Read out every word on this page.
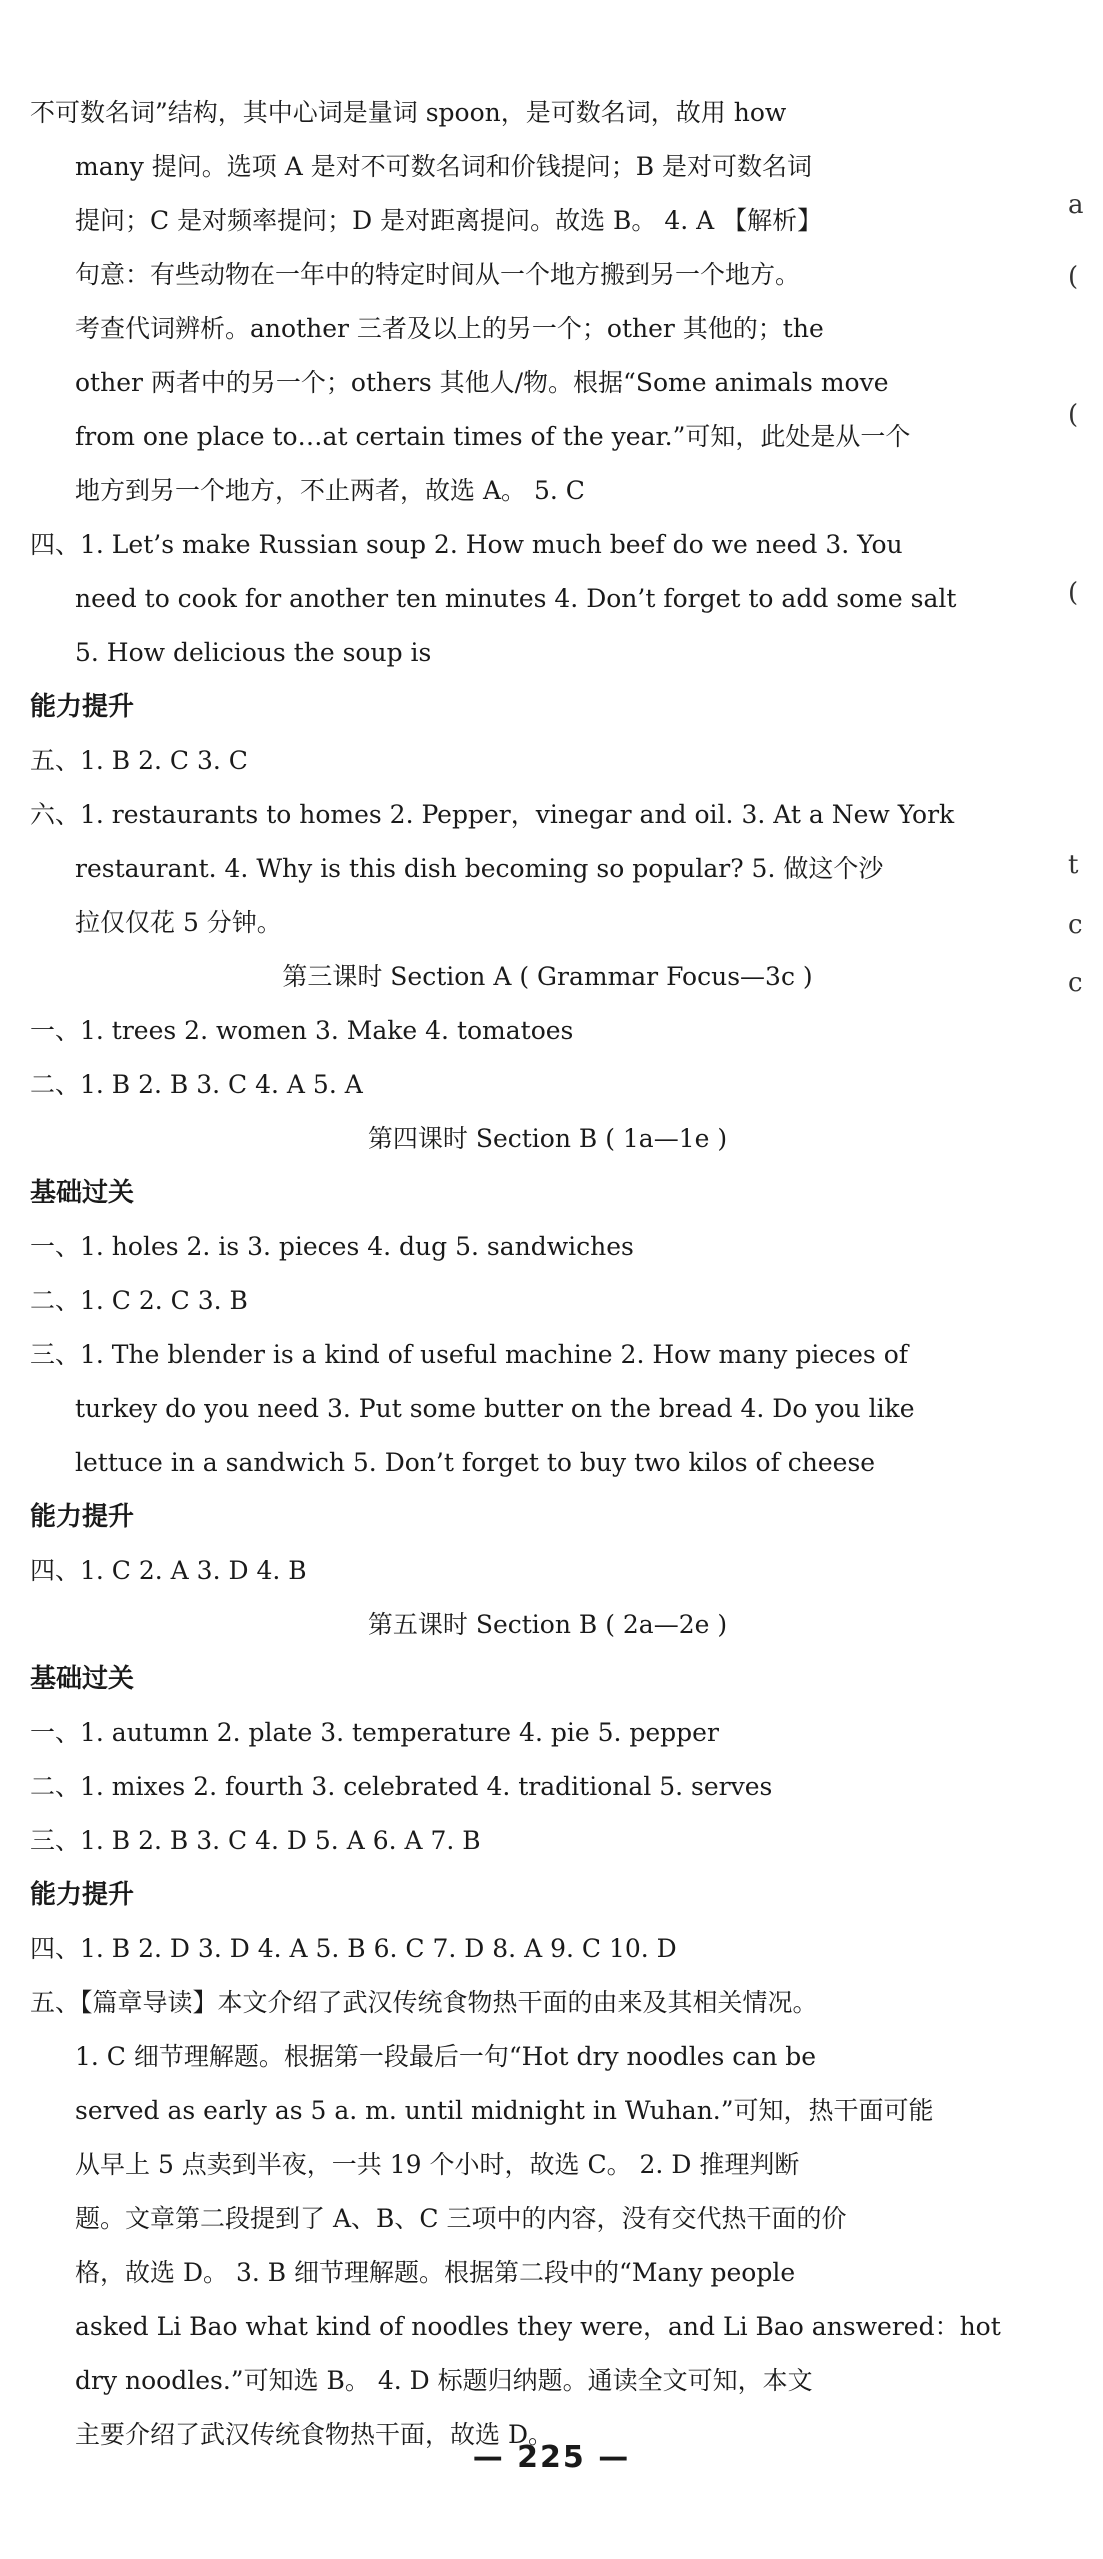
不可数名词”结构，其中心词是量词 spoon，是可数名词，故用 how
many 提问。选项 A 是对不可数名词和价钱提问；B 是对可数名词
提问；C 是对频率提问；D 是对距离提问。故选 B。 4. A 【解析】
句意：有些动物在一年中的特定时间从一个地方搬到另一个地方。
考查代词辨析。another 三者及以上的另一个；other 其他的；the
other 两者中的另一个；others 其他人/物。根据“Some animals move
from one place to…at certain times of the year.”可知，此处是从一个
地方到另一个地方，不止两者，故选 A。 5. C
四、1. Let’s make Russian soup 2. How much beef do we need 3. You
need to cook for another ten minutes 4. Don’t forget to add some salt
5. How delicious the soup is
能力提升
五、1. B 2. C 3. C
六、1. restaurants to homes 2. Pepper，vinegar and oil. 3. At a New York
restaurant. 4. Why is this dish becoming so popular? 5. 做这个沙
拉仅仅花 5 分钟。
第三课时 Section A ( Grammar Focus—3c )
一、1. trees 2. women 3. Make 4. tomatoes
二、1. B 2. B 3. C 4. A 5. A
第四课时 Section B ( 1a—1e )
基础过关
一、1. holes 2. is 3. pieces 4. dug 5. sandwiches
二、1. C 2. C 3. B
三、1. The blender is a kind of useful machine 2. How many pieces of
turkey do you need 3. Put some butter on the bread 4. Do you like
lettuce in a sandwich 5. Don’t forget to buy two kilos of cheese
能力提升
四、1. C 2. A 3. D 4. B
第五课时 Section B ( 2a—2e )
基础过关
一、1. autumn 2. plate 3. temperature 4. pie 5. pepper
二、1. mixes 2. fourth 3. celebrated 4. traditional 5. serves
三、1. B 2. B 3. C 4. D 5. A 6. A 7. B
能力提升
四、1. B 2. D 3. D 4. A 5. B 6. C 7. D 8. A 9. C 10. D
五、【篇章导读】本文介绍了武汉传统食物热干面的由来及其相关情况。
1. C 细节理解题。根据第一段最后一句“Hot dry noodles can be
served as early as 5 a. m. until midnight in Wuhan.”可知，热干面可能
从早上 5 点卖到半夜，一共 19 个小时，故选 C。 2. D 推理判断
题。文章第二段提到了 A、B、C 三项中的内容，没有交代热干面的价
格，故选 D。 3. B 细节理解题。根据第二段中的“Many people
asked Li Bao what kind of noodles they were，and Li Bao answered：hot
dry noodles.”可知选 B。 4. D 标题归纳题。通读全文可知，本文
主要介绍了武汉传统食物热干面，故选 D。
— 225 —
a
(
(
(
t
c
c
